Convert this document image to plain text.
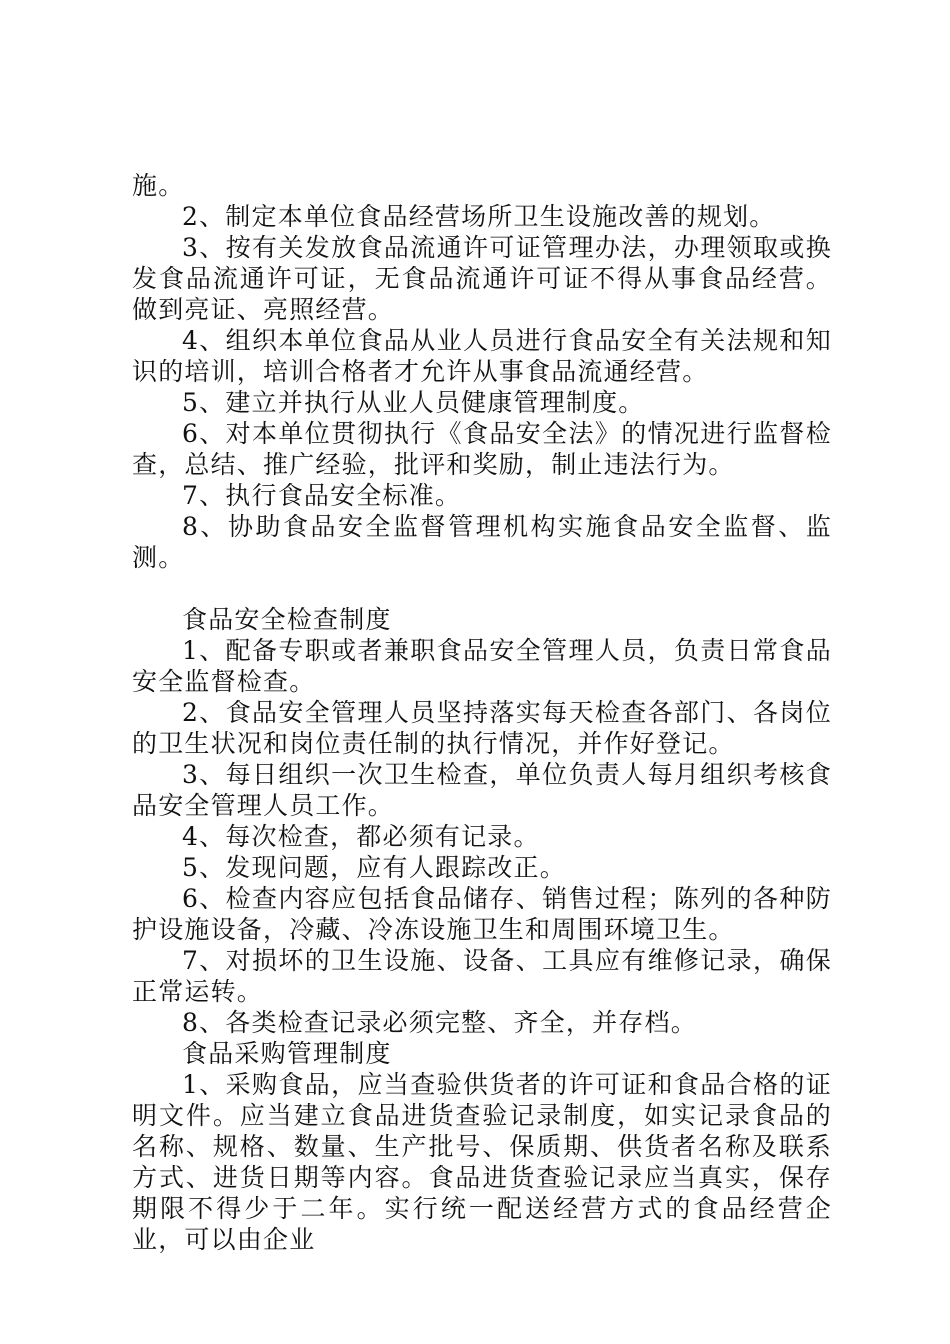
施。

2、制定本单位食品经营场所卫生设施改善的规划。

3、按有关发放食品流通许可证管理办法，办理领取或换发食品流通许可证，无食品流通许可证不得从事食品经营。做到亮证、亮照经营。

4、组织本单位食品从业人员进行食品安全有关法规和知识的培训，培训合格者才允许从事食品流通经营。

5、建立并执行从业人员健康管理制度。

6、对本单位贯彻执行《食品安全法》的情况进行监督检查，总结、推广经验，批评和奖励，制止违法行为。

7、执行食品安全标准。

8、协助食品安全监督管理机构实施食品安全监督、监测。

食品安全检查制度

1、配备专职或者兼职食品安全管理人员，负责日常食品安全监督检查。

2、食品安全管理人员坚持落实每天检查各部门、各岗位的卫生状况和岗位责任制的执行情况，并作好登记。

3、每日组织一次卫生检查，单位负责人每月组织考核食品安全管理人员工作。

4、每次检查，都必须有记录。

5、发现问题，应有人跟踪改正。

6、检查内容应包括食品储存、销售过程；陈列的各种防护设施设备，冷藏、冷冻设施卫生和周围环境卫生。

7、对损坏的卫生设施、设备、工具应有维修记录，确保正常运转。

8、各类检查记录必须完整、齐全，并存档。

食品采购管理制度

1、采购食品，应当查验供货者的许可证和食品合格的证明文件。应当建立食品进货查验记录制度，如实记录食品的名称、规格、数量、生产批号、保质期、供货者名称及联系方式、进货日期等内容。食品进货查验记录应当真实，保存期限不得少于二年。实行统一配送经营方式的食品经营企业，可以由企业
